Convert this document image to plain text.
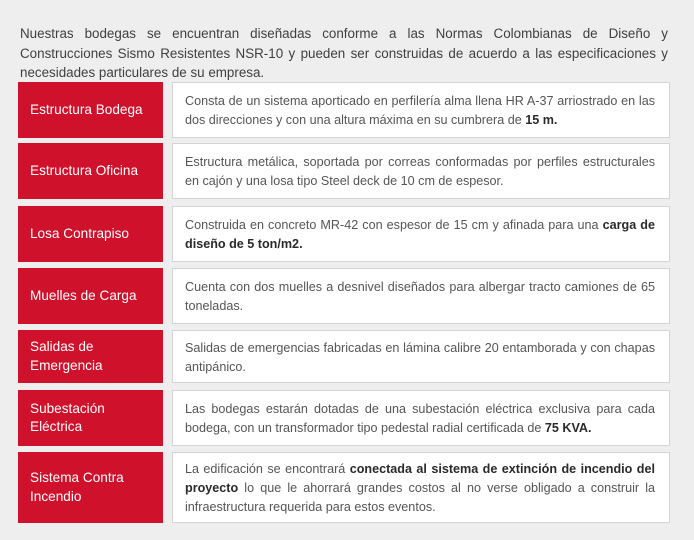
Nuestras bodegas se encuentran diseñadas conforme a las Normas Colombianas de Diseño y Construcciones Sismo Resistentes NSR-10 y pueden ser construidas de acuerdo a las especificaciones y necesidades particulares de su empresa.

Estructura Bodega
Consta de un sistema aporticado en perfilería alma llena HR A-37 arriostrado en las dos direcciones y con una altura máxima en su cumbrera de 15 m.
Estructura Oficina
Estructura metálica, soportada por correas conformadas por perfiles estructurales en cajón y una losa tipo Steel deck de 10 cm de espesor.
Losa Contrapiso
Construida en concreto MR-42 con espesor de 15 cm y afinada para una carga de diseño de 5 ton/m2.
Muelles de Carga
Cuenta con dos muelles a desnivel diseñados para albergar tracto camiones de 65 toneladas.
Salidas de
Emergencia
Salidas de emergencias fabricadas en lámina calibre 20 entamborada y con chapas antipánico.
Subestación
Eléctrica
Las bodegas estarán dotadas de una subestación eléctrica exclusiva para cada bodega, con un transformador tipo pedestal radial certificada de 75 KVA.
Sistema Contra
Incendio
La edificación se encontrará conectada al sistema de extinción de incendio del proyecto lo que le ahorrará grandes costos al no verse obligado a construir la infraestructura requerida para estos eventos.
